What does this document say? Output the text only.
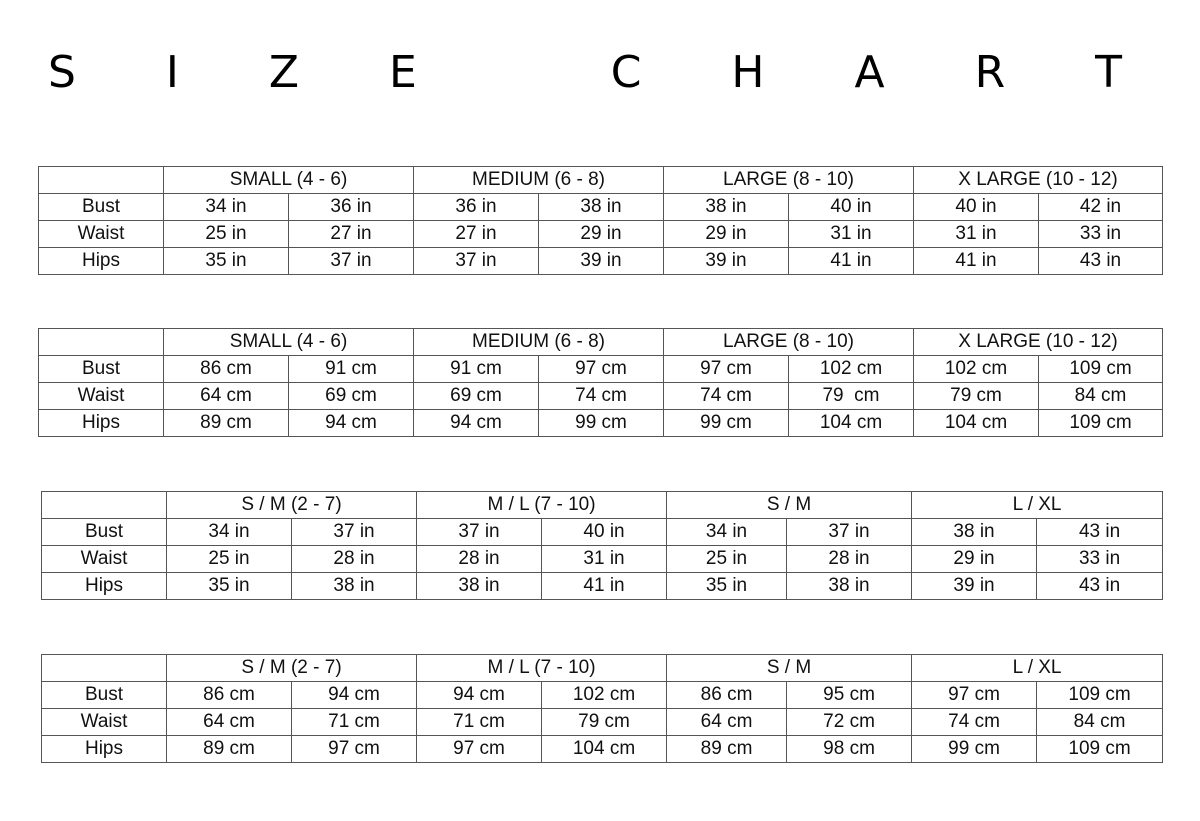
S I Z E   C H A R T
	SMALL (4 - 6)		MEDIUM (6 - 8)		LARGE (8 - 10)		X LARGE (10 - 12)	
Bust	34 in	36 in	36 in	38 in	38 in	40 in	40 in	42 in
Waist	25 in	27 in	27 in	29 in	29 in	31 in	31 in	33 in
Hips	35 in	37 in	37 in	39 in	39 in	41 in	41 in	43 in
	SMALL (4 - 6)		MEDIUM (6 - 8)		LARGE (8 - 10)		X LARGE (10 - 12)	
Bust	86 cm	91 cm	91 cm	97 cm	97 cm	102 cm	102 cm	109 cm
Waist	64 cm	69 cm	69 cm	74 cm	74 cm	79  cm	79 cm	84 cm
Hips	89 cm	94 cm	94 cm	99 cm	99 cm	104 cm	104 cm	109 cm
	S / M (2 - 7)		M / L (7 - 10)		S / M		L / XL	
Bust	34 in	37 in	37 in	40 in	34 in	37 in	38 in	43 in
Waist	25 in	28 in	28 in	31 in	25 in	28 in	29 in	33 in
Hips	35 in	38 in	38 in	41 in	35 in	38 in	39 in	43 in
	S / M (2 - 7)		M / L (7 - 10)		S / M		L / XL	
Bust	86 cm	94 cm	94 cm	102 cm	86 cm	95 cm	97 cm	109 cm
Waist	64 cm	71 cm	71 cm	79 cm	64 cm	72 cm	74 cm	84 cm
Hips	89 cm	97 cm	97 cm	104 cm	89 cm	98 cm	99 cm	109 cm
